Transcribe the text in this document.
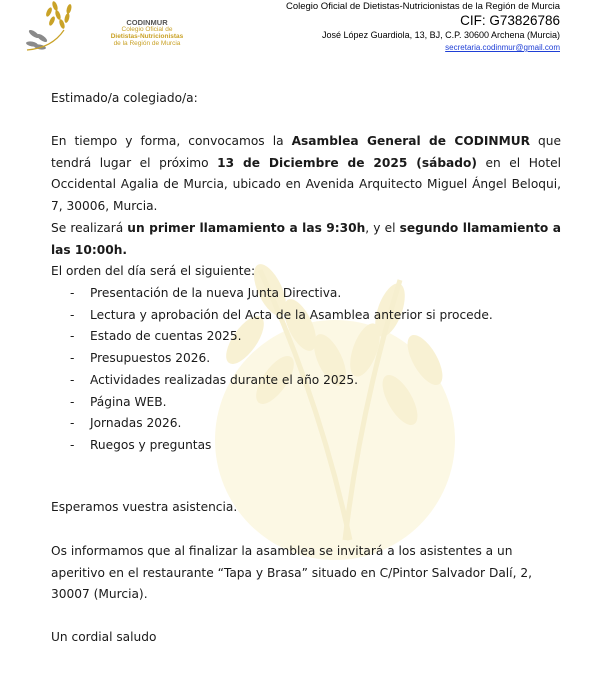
CODINMUR
Colegio Oficial de
Dietistas-Nutricionistas
de la Región de Murcia
Colegio Oficial de Dietistas-Nutricionistas de la Región de Murcia
CIF: G73826786
José López Guardiola, 13, BJ, C.P. 30600 Archena (Murcia)
secretaria.codinmur@gmail.com
Estimado/a colegiado/a:
En tiempo y forma, convocamos la Asamblea General de CODINMUR que tendrá lugar el próximo 13 de Diciembre de 2025 (sábado) en el Hotel Occidental Agalia de Murcia, ubicado en Avenida Arquitecto Miguel Ángel Beloqui, 7, 30006, Murcia.
Se realizará un primer llamamiento a las 9:30h, y el segundo llamamiento a las 10:00h.
El orden del día será el siguiente:
- Presentación de la nueva Junta Directiva.
- Lectura y aprobación del Acta de la Asamblea anterior si procede.
- Estado de cuentas 2025.
- Presupuestos 2026.
- Actividades realizadas durante el año 2025.
- Página WEB.
- Jornadas 2026.
- Ruegos y preguntas
Esperamos vuestra asistencia.
Os informamos que al finalizar la asamblea se invitará a los asistentes a un aperitivo en el restaurante “Tapa y Brasa” situado en C/Pintor Salvador Dalí, 2, 30007 (Murcia).
Un cordial saludo
